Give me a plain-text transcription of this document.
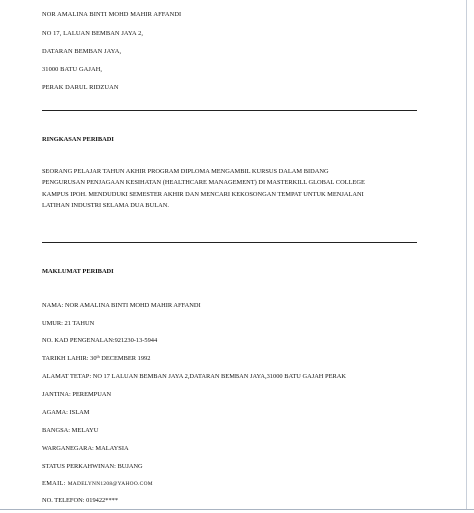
NOR AMALINA BINTI MOHD MAHIR AFFANDI
NO 17, LALUAN BEMBAN JAYA 2,
DATARAN BEMBAN JAYA,
31000 BATU GAJAH,
PERAK DARUL RIDZUAN
RINGKASAN PERIBADI
SEORANG PELAJAR TAHUN AKHIR PROGRAM DIPLOMA MENGAMBIL KURSUS DALAM BIDANG
PENGURUSAN PENJAGAAN KESIHATAN (HEALTHCARE MANAGEMENT) DI MASTERKILL GLOBAL COLLEGE
KAMPUS IPOH. MENDUDUKI SEMESTER AKHIR DAN MENCARI KEKOSONGAN TEMPAT UNTUK MENJALANI
LATIHAN INDUSTRI SELAMA DUA BULAN.
MAKLUMAT PERIBADI
NAMA: NOR AMALINA BINTI MOHD MAHIR AFFANDI
UMUR: 21 TAHUN
NO. KAD PENGENALAN:921230-13-5944
TARIKH LAHIR: 30th DECEMBER 1992
ALAMAT TETAP: NO 17 LALUAN BEMBAN JAYA 2,DATARAN BEMBAN JAYA,31000 BATU GAJAH PERAK
JANTINA: PEREMPUAN
AGAMA: ISLAM
BANGSA: MELAYU
WARGANEGARA: MALAYSIA
STATUS PERKAHWINAN: BUJANG
EMAIL: MADELYNN1208@YAHOO.COM
NO. TELEFON: 019422****
